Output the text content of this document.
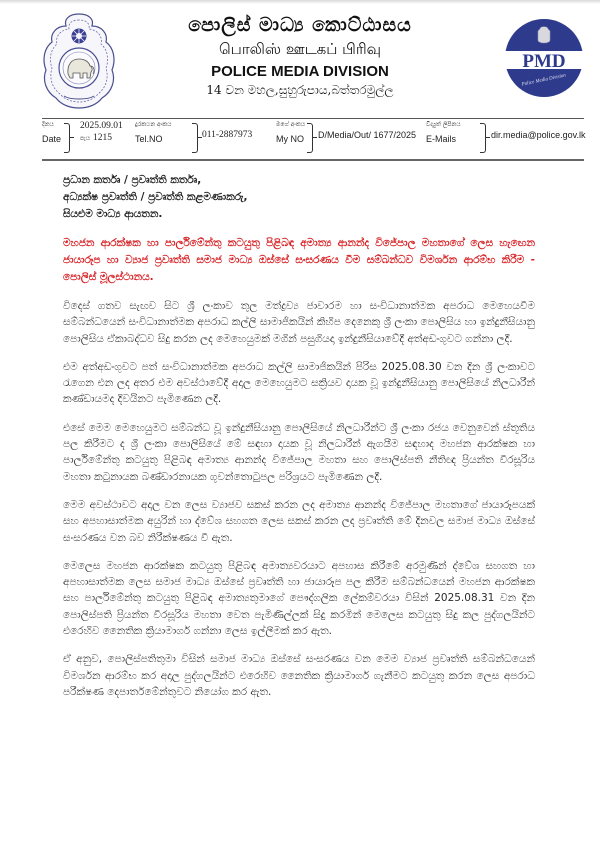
පොලිස් මාධ්‍ය කොට්ඨාසය
பொலிஸ் ஊடகப் பிரிவு
POLICE MEDIA DIVISION
14 වන මහල,සුහුරුපාය,බත්තරමුල්ල
PMD
Police Media Division
දිනය
Date
2025.09.01
පැය 1215
දුරකථන අංකය
Tel.NO	011-2887973
මගේ අංකය
My NO D/Media/Out/ 1677/2025
විද්‍යුත් ලිපිනය
E-Mails	dir.media@police.gov.lk
ප්‍රධාන කර්තෘ / ප්‍රවෘත්ති කර්තෘ,
අධ්‍යක්ෂ ප්‍රවෘත්ති / ප්‍රවෘත්ති කළමණාකරු,
සියළුම මාධ්‍ය ආයතන.
මහජන ආරක්ෂක හා පාර්ලිමේන්තු කටයුතු පිළිබඳ අමාත්‍ය ආනන්ද විජේපාල මහතාගේ ලෙස හැඟෙන ජායාරූප හා ව්‍යාජ ප්‍රවෘත්ති සමාජ මාධ්‍ය ඔස්සේ සංසරණය වීම සම්බන්ධව විමර්ශන ආරම්භ කිරීම - පොලිස් මූලස්ථානය.
විදෙස් ගතව සැඟව සිට ශ්‍රී ලංකාව තුල මත්ද්‍රව්‍ය ජාවාරම හා සංවිධානාත්මක අපරාධ මෙහෙයවීම සම්බන්ධයෙන් සංවිධානාත්මක අපරාධ කල්ලි සාමාජිකයින් කිහිප දෙනෙකු ශ්‍රී ලංකා පොලිසිය හා ඉන්දුනීසියානු පොලිසිය ඒකාබද්ධව සිදු කරන ලද මෙහෙයුමක් මගින් පසුගියදා ඉන්දුනීසියාවේදී අත්අඩංගුවට ගන්නා ලදී.
එම අත්අඩංගුවට පත් සංවිධානාත්මක අපරාධ කල්ලි සාමාජිකයින් පිරිස 2025.08.30 වන දින ශ්‍රී ලංකාවට රැගෙන එන ලද අතර එම අවස්ථාවේදී අදාල මෙහෙයුමට සක්‍රියව දායක වූ ඉන්දුනීසියානු පොලිසියේ නිලධාරීන් කණ්ඩායමද දිවයිනට පැමිණෙන ලදී.
එසේ මෙම මෙහෙයුමට සම්බන්ධ වූ ඉන්දුනීසියානු පොලිසියේ නිලධාරීන්ට ශ්‍රී ලංකා රජය වෙනුවෙන් ස්තූතිය පල කිරීමට ද ශ්‍රී ලංකා පොලිසියේ මේ සඳහා දායක වූ නිලධාරීන් ඇගයීම සඳහාද මහජන ආරක්ෂක හා පාර්ලිමේන්තු කටයුතු පිළිබඳ අමාත්‍ය ආනන්ද විජේපාල මහතා සහ පොලිස්පති නීතිඥ ප්‍රියන්ත වීරසූරිය මහතා කටුනායක බණ්ඩාරනායක ගුවන්තොටුපල පරිශ්‍රයට පැමිණෙන ලදී.
මෙම අවස්ථාවට අදාල වන ලෙස ව්‍යාජව සකස් කරන ලද අමාත්‍ය ආනන්ද විජේපාල මහතාගේ ජායාරූපයක් සහ අපහාසාත්මක අයුරින් හා ද්වේශ සහගත ලෙස සකස් කරන ලද ප්‍රවෘත්ති මේ දිනවල සමාජ මාධ්‍ය ඔස්සේ සංසරණය වන බව නිරීක්ෂණය වී ඇත.
මෙලෙස මහජන ආරක්ෂක කටයුතු පිළිබඳ අමාත්‍යවරයාට අපහාස කිරීමේ අරමුණින් ද්වේශ සහගත හා අපහාසාත්මක ලෙස සමාජ මාධ්‍ය ඔස්සේ ප්‍රවෘත්ති හා ජායාරූප පල කිරීම සම්බන්ධයෙන් මහජන ආරක්ෂක සහ පාර්ලිමේන්තු කටයුතු පිළිබඳ අමාත්‍යතුමාගේ පෞද්ගලික ලේකම්වරයා විසින් 2025.08.31 වන දින පොලිස්පති ප්‍රියන්ත වීරසූරිය මහතා වෙත පැමිණිල්ලක් සිදු කරමින් මෙලෙස කටයුතු සිදු කල පුද්ගලයින්ට එරෙහිව නෛතික ක්‍රියාමාර්ග ගන්නා ලෙස ඉල්ලීමක් කර ඇත.
ඒ අනුව, පොලිස්පතිතුමා විසින් සමාජ මාධ්‍ය ඔස්සේ සංසරණය වන මෙම ව්‍යාජ ප්‍රවෘත්ති සම්බන්ධයෙන් විමර්ශන ආරම්භ කර අදාල පුද්ගලයින්ට එරෙහිව නෛතික ක්‍රියාමාර්ග ගැනීමට කටයුතු කරන ලෙස අපරාධ පරීක්ෂණ දෙපාර්තමේන්තුවට නියෝග කර ඇත.
